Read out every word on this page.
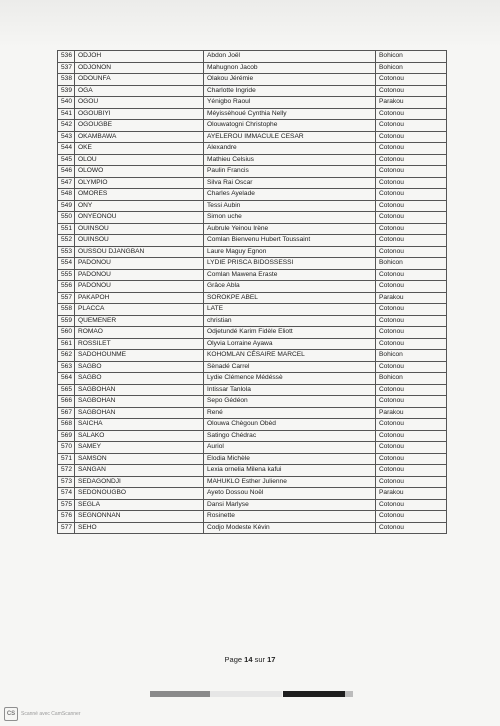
536	ODJOH	Abdon Joël	Bohicon
537	ODJONON	Mahugnon Jacob	Bohicon
538	ODOUNFA	Olakou Jérémie	Cotonou
539	OGA	Charlotte Ingride	Cotonou
540	OGOU	Yénigbo Raoul	Parakou
541	OGOUBIYI	Méyissèhoué Cynthia Nelly	Cotonou
542	OGOUGBE	Olouwatogni Christophe	Cotonou
543	OKAMBAWA	AYELEROU IMMACULE CESAR	Cotonou
544	OKE	Alexandre	Cotonou
545	OLOU	Mathieu Celsius	Cotonou
546	OLOWO	Paulin Francis	Cotonou
547	OLYMPIO	Silva Rai Oscar	Cotonou
548	OMORES	Charles Ayelade	Cotonou
549	ONY	Tessi Aubin	Cotonou
550	ONYEONOU	Simon uche	Cotonou
551	OUINSOU	Aubrule Yeinou Irène	Cotonou
552	OUINSOU	Comlan Bienvenu Hubert Toussaint	Cotonou
553	OUSSOU DJANGBAN	Laure Maguy Egnon	Cotonou
554	PADONOU	LYDIE PRISCA BIDOSSESSI	Bohicon
555	PADONOU	Comlan Mawena Eraste	Cotonou
556	PADONOU	Grâce Abla	Cotonou
557	PAKAPOH	SOROKPE ABEL	Parakou
558	PLACCA	LATE	Cotonou
559	QUEMENER	christian	Cotonou
560	ROMAO	Odjetundé Karim Fidèle Eliott	Cotonou
561	ROSSILET	Olyvia Lorraine Ayawa	Cotonou
562	SADOHOUNME	KOHOMLAN CÉSAIRE MARCEL	Bohicon
563	SAGBO	Sènadé Carrel	Cotonou
564	SAGBO	Lydie Clémence Médéssè	Bohicon
565	SAGBOHAN	Intissar Tanlola	Cotonou
566	SAGBOHAN	Sepo Gédéon	Cotonou
567	SAGBOHAN	René	Parakou
568	SAICHA	Olouwa Chègoun Obèd	Cotonou
569	SALAKO	Satingo Chédrac	Cotonou
570	SAMEY	Auriol	Cotonou
571	SAMSON	Elodia Michèle	Cotonou
572	SANGAN	Lexia ornelia Milena kafui	Cotonou
573	SEDAGONDJI	MAHUKLO Esther Julienne	Cotonou
574	SEDONOUGBO	Ayeto Dossou Noël	Parakou
575	SEGLA	Dansi Marlyse	Cotonou
576	SEGNONNAN	Rosinette	Cotonou
577	SEHO	Codjo Modeste Kévin	Cotonou
Page 14 sur 17
CS	Scanné avec CamScanner
